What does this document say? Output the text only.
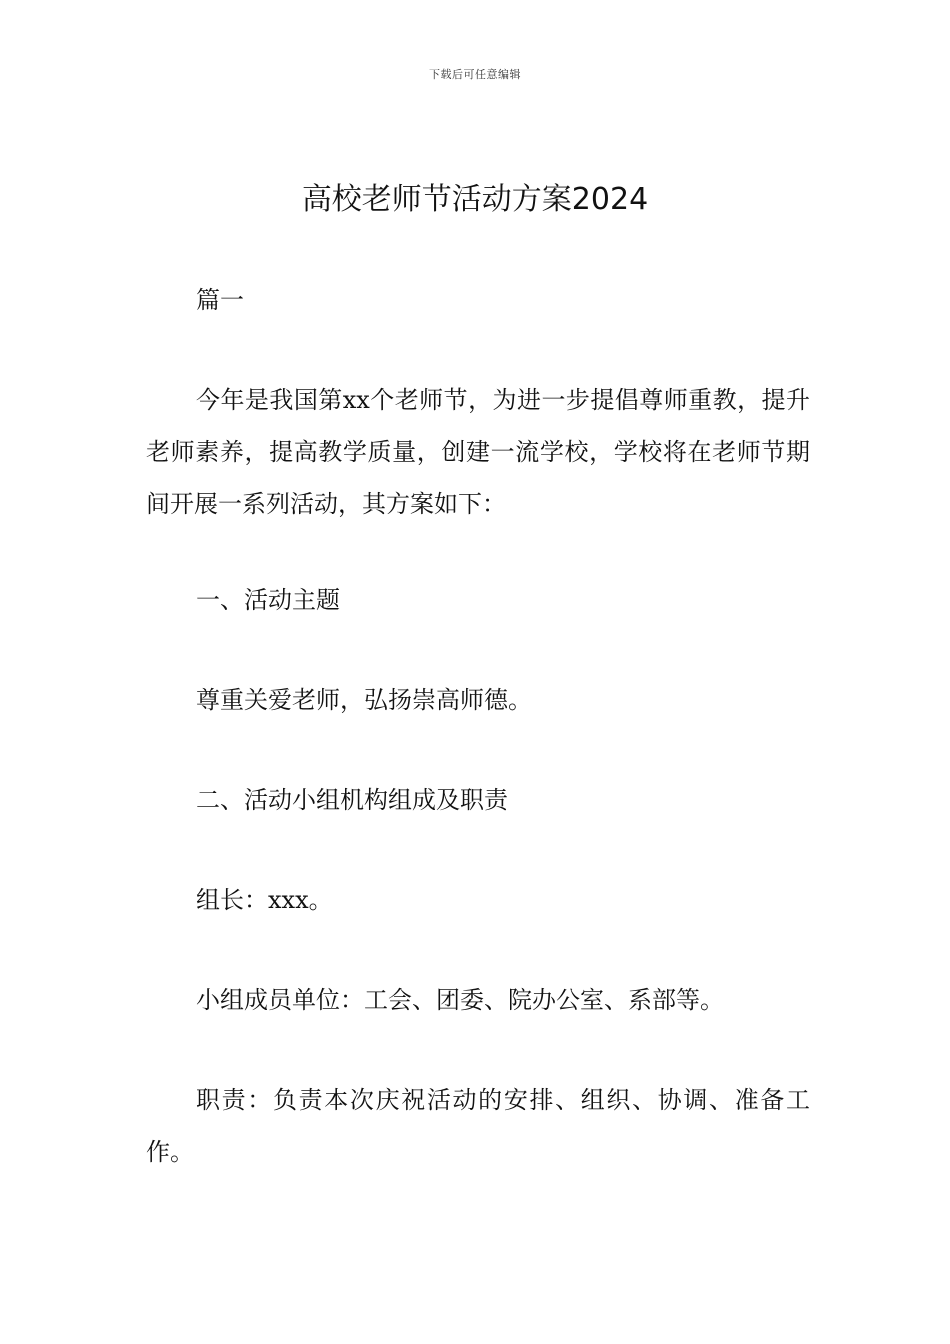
下载后可任意编辑
高校老师节活动方案2024

篇一

今年是我国第xx个老师节，为进一步提倡尊师重教，提升老师素养，提高教学质量，创建一流学校，学校将在老师节期间开展一系列活动，其方案如下：

一、活动主题

尊重关爱老师，弘扬崇高师德。

二、活动小组机构组成及职责

组长：xxx。

小组成员单位：工会、团委、院办公室、系部等。

职责：负责本次庆祝活动的安排、组织、协调、准备工作。
